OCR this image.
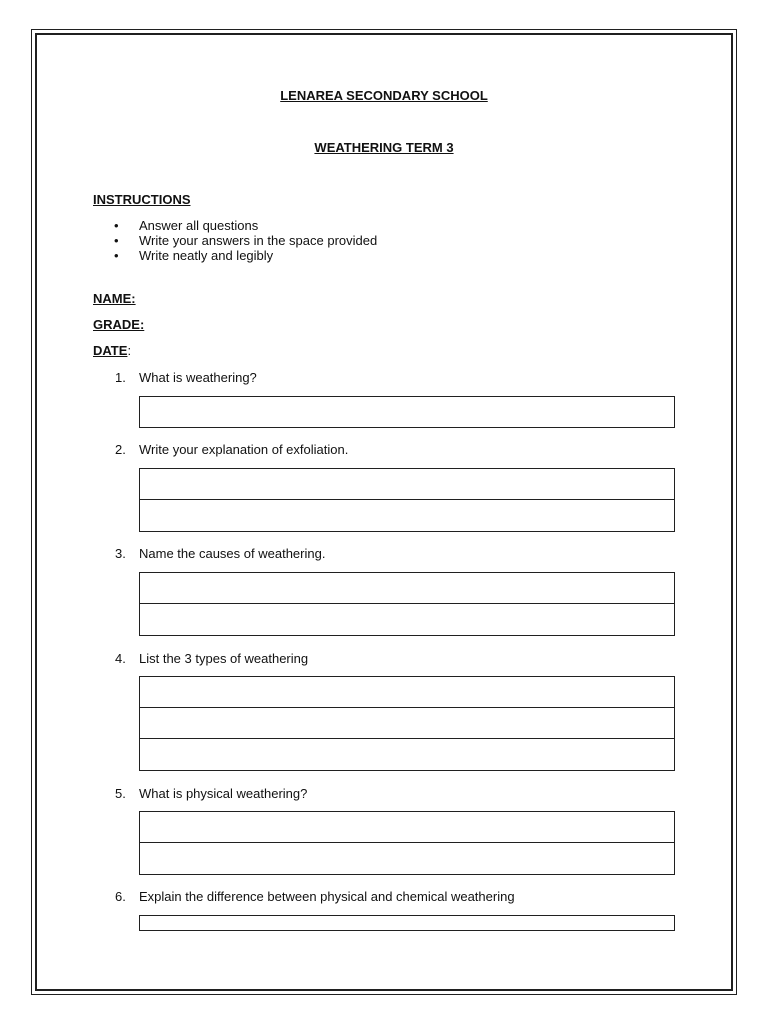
LENAREA SECONDARY SCHOOL
WEATHERING TERM 3
INSTRUCTIONS
•	Answer all questions
•	Write your answers in the space provided
•	Write neatly and legibly
NAME:
GRADE:
DATE:
1. What is weathering?
2. Write your explanation of exfoliation.
3. Name the causes of weathering.
4. List the 3 types of weathering
5. What is physical weathering?
6. Explain the difference between physical and chemical weathering
